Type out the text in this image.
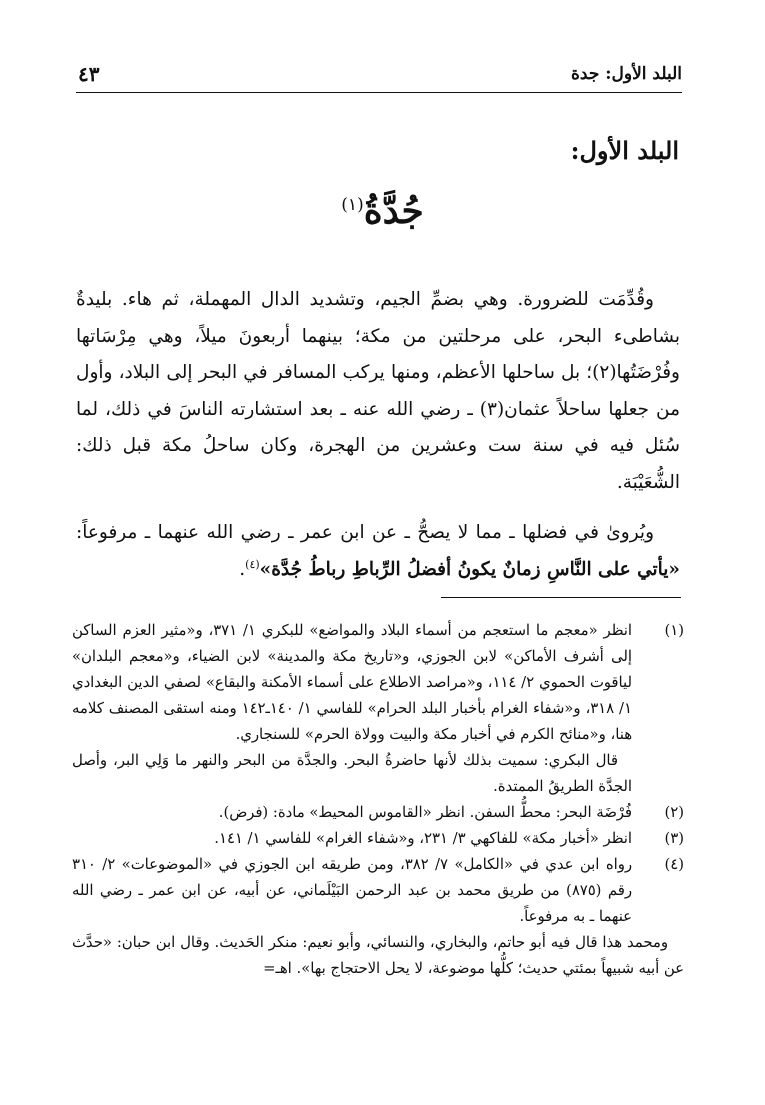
البلد الأول: جدة
٤٣
البلد الأول:
جُدَّةُ$^{(١)}$

وقُدِّمَت للضرورة. وهي بضمِّ الجيم، وتشديد الدال المهملة، ثم هاء. بليدةٌ بشاطىء البحر، على مرحلتين من مكة؛ بينهما أربعونَ ميلاً، وهي مِرْسَاتها وفُرْضَتُها(٢)؛ بل ساحلها الأعظم، ومنها يركب المسافر في البحر إلى البلاد، وأول من جعلها ساحلاً عثمان(٣) ـ رضي الله عنه ـ بعد استشارته الناسَ في ذلك، لما سُئل فيه في سنة ست وعشرين من الهجرة، وكان ساحلُ مكة قبل ذلك: الشُّعَيْبَة.

ويُروىٰ في فضلها ـ مما لا يصحُّ ـ عن ابن عمر ـ رضي الله عنهما ـ مرفوعاً: «يأتي على النَّاسِ زمانٌ يكونُ أفضلُ الرِّباطِ رباطُ جُدَّة»$^{(٤)}$.

(١)
انظر «معجم ما استعجم من أسماء البلاد والمواضع» للبكري ١/ ٣٧١، و«مثير العزم الساكن إلى أشرف الأماكن» لابن الجوزي، و«تاريخ مكة والمدينة» لابن الضياء، و«معجم البلدان» لياقوت الحموي ٢/ ١١٤، و«مراصد الاطلاع على أسماء الأمكنة والبقاع» لصفي الدين البغدادي ١/ ٣١٨، و«شفاء الغرام بأخبار البلد الحرام» للفاسي ١/ ١٤٠ـ١٤٢ ومنه استقى المصنف كلامه هنا، و«منائح الكرم في أخبار مكة والبيت وولاة الحرم» للسنجاري.
قال البكري: سميت بذلك لأنها حاضرةُ البحر. والجدَّة من البحر والنهر ما وَلِي البر، وأصل الجدَّة الطريقُ الممتدة.
(٢)
فُرْضَة البحر: محطُّ السفن. انظر «القاموس المحيط» مادة: (فرض).
(٣)
انظر «أخبار مكة» للفاكهي ٣/ ٢٣١، و«شفاء الغرام» للفاسي ١/ ١٤١.
(٤)
رواه ابن عدي في «الكامل» ٧/ ٣٨٢، ومن طريقه ابن الجوزي في «الموضوعات» ٢/ ٣١٠ رقم (٨٧٥) من طريق محمد بن عبد الرحمن البَيْلَماني، عن أبيه، عن ابن عمر ـ رضي الله عنهما ـ به مرفوعاً.
ومحمد هذا قال فيه أبو حاتم، والبخاري، والنسائي، وأبو نعيم: منكر الحَديث. وقال ابن حبان: «حدَّث عن أبيه شبيهاً بمئتي حديث؛ كلُّها موضوعة، لا يحل الاحتجاج بها». اهـ=
